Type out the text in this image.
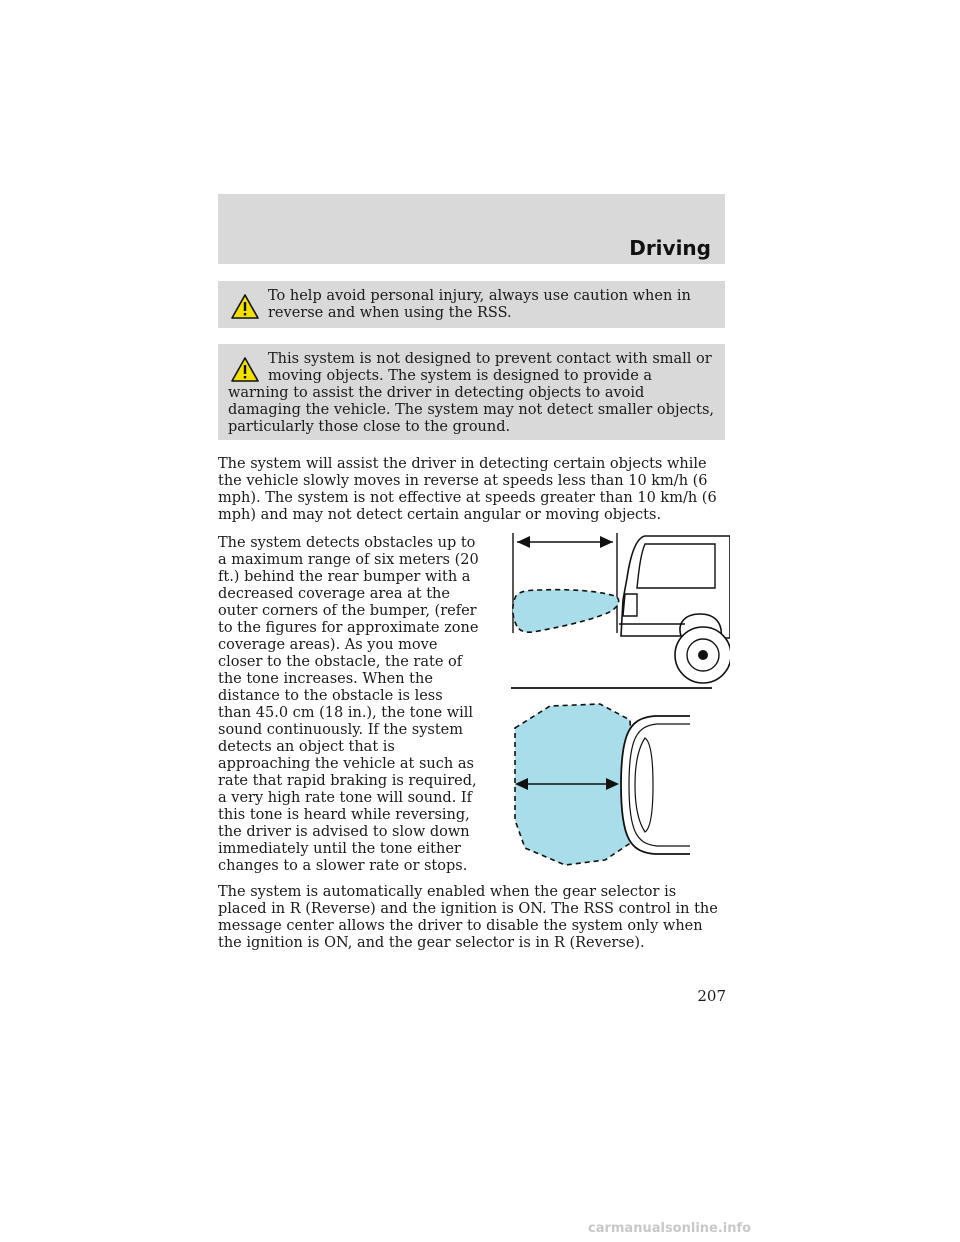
Driving
To help avoid personal injury, always use caution when in
reverse and when using the RSS.
This system is not designed to prevent contact with small or
moving objects. The system is designed to provide a warning to assist the driver in detecting objects to avoid damaging the vehicle. The system may not detect smaller objects, particularly those close to the ground.
The system will assist the driver in detecting certain objects while the vehicle slowly moves in reverse at speeds less than 10 km/h (6 mph). The system is not effective at speeds greater than 10 km/h (6 mph) and may not detect certain angular or moving objects.
The system detects obstacles up to a maximum range of six meters (20 ft.) behind the rear bumper with a decreased coverage area at the outer corners of the bumper, (refer to the figures for approximate zone coverage areas). As you move closer to the obstacle, the rate of the tone increases. When the distance to the obstacle is less than 45.0 cm (18 in.), the tone will sound continuously. If the system detects an object that is approaching the vehicle at such as rate that rapid braking is required, a very high rate tone will sound. If this tone is heard while reversing, the driver is advised to slow down immediately until the tone either changes to a slower rate or stops.
The system is automatically enabled when the gear selector is placed in R (Reverse) and the ignition is ON. The RSS control in the message center allows the driver to disable the system only when the ignition is ON, and the gear selector is in R (Reverse).
207
carmanualsonline.info
